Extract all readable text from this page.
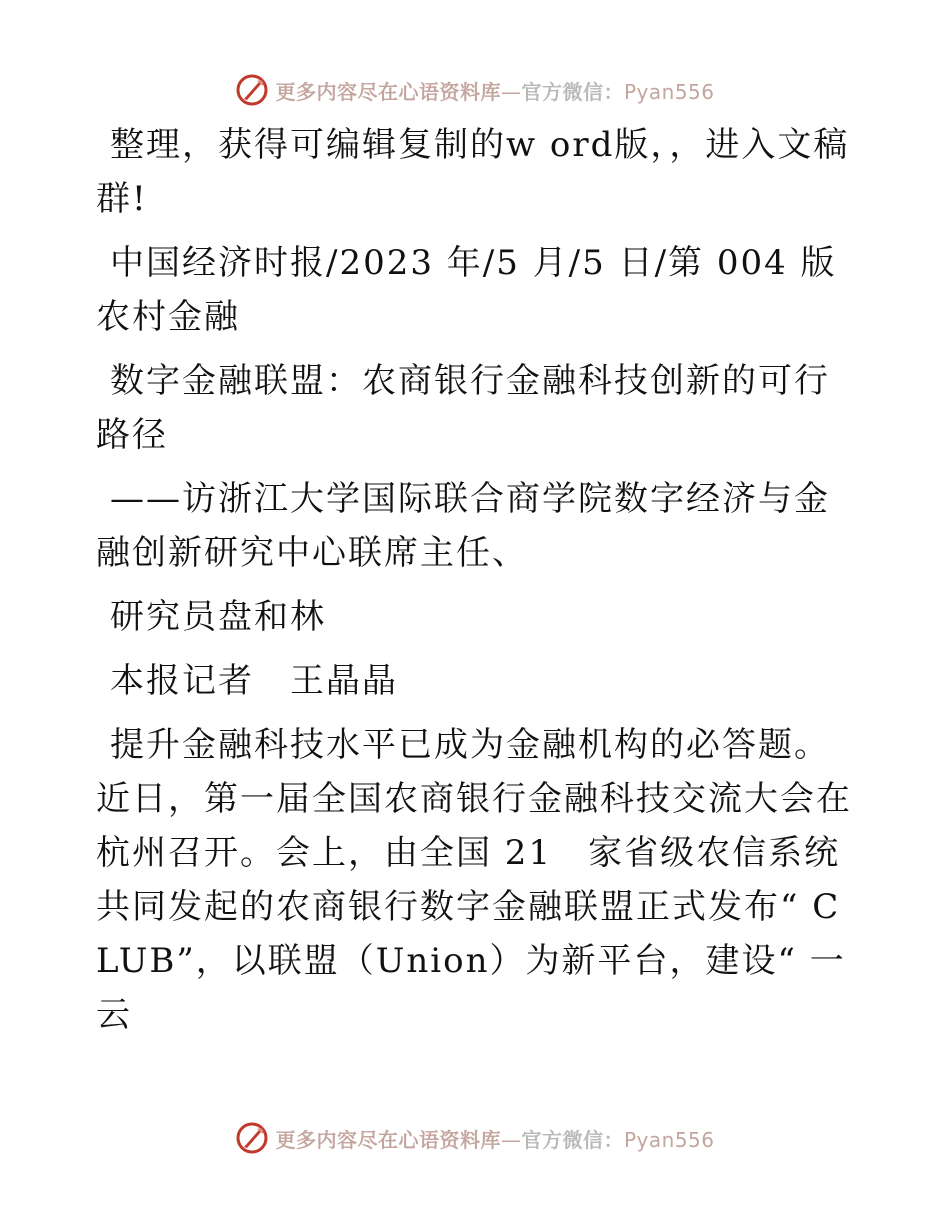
更多内容尽在心语资料库—官方微信：Pyan556

整理，获得可编辑复制的w ord版，，进入文稿群!

中国经济时报/2023 年/5 月/5 日/第 004 版农村金融

数字金融联盟：农商银行金融科技创新的可行路径

——访浙江大学国际联合商学院数字经济与金融创新研究中心联席主任、

研究员盘和林

本报记者　王晶晶

提升金融科技水平已成为金融机构的必答题。近日，第一届全国农商银行金融科技交流大会在杭州召开。会上，由全国 21　家省级农信系统共同发起的农商银行数字金融联盟正式发布“ CLUB”，以联盟（Union）为新平台，建设“ 一云

更多内容尽在心语资料库—官方微信：Pyan556
